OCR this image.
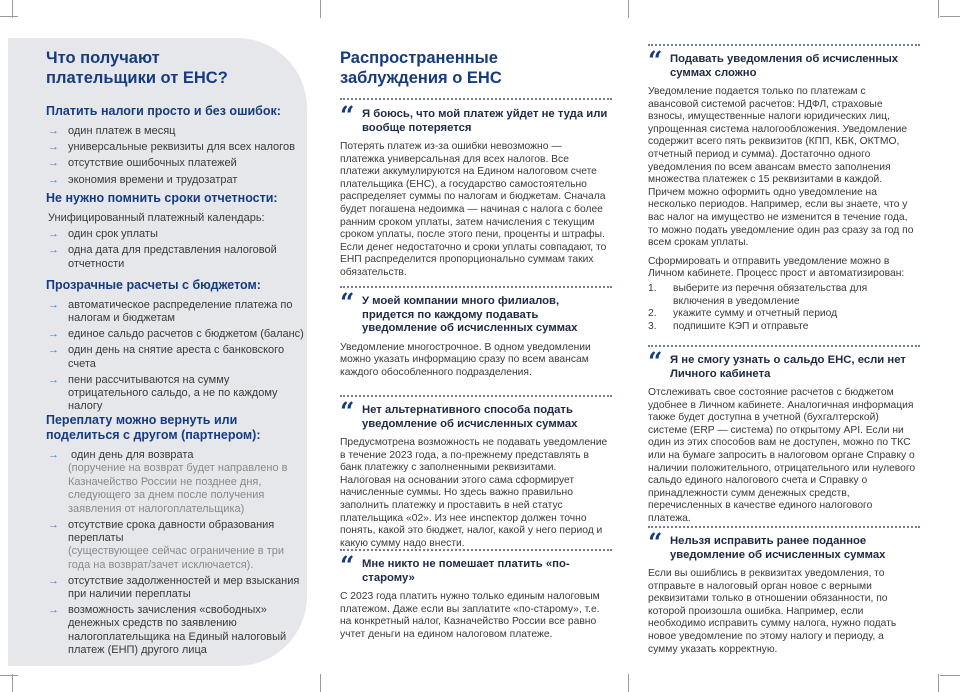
Что получают плательщики от ЕНС?
Платить налоги просто и без ошибок:
→ один платеж в месяц
→ универсальные реквизиты для всех налогов
→ отсутствие ошибочных платежей
→ экономия времени и трудозатрат
Не нужно помнить сроки отчетности:
Унифицированный платежный календарь:
→ один срок уплаты
→ одна дата для представления налоговой отчетности
Прозрачные расчеты с бюджетом:
→ автоматическое распределение платежа по налогам и бюджетам
→ единое сальдо расчетов с бюджетом (баланс)
→ один день на снятие ареста с банковского счета
→ пени рассчитываются на сумму отрицательного сальдо, а не по каждому налогу
Переплату можно вернуть или поделиться с другом (партнером):
→ один день для возврата
(поручение на возврат будет направлено в Казначейство России не позднее дня, следующего за днем после получения заявления от налогоплательщика)
→ отсутствие срока давности образования переплаты
(существующее сейчас ограничение в три года на возврат/зачет исключается).
→ отсутствие задолженностей и мер взыскания при наличии переплаты
→ возможность зачисления «свободных» денежных средств по заявлению налогоплательщика на Единый налоговый платеж (ЕНП) другого лица
Распространенные заблуждения о ЕНС
“ Я боюсь, что мой платеж уйдет не туда или вообще потеряется

Потерять платеж из-за ошибки невозможно — платежка универсальная для всех налогов. Все платежи аккумулируются на Едином налоговом счете плательщика (ЕНС), а государство самостоятельно распределяет суммы по налогам и бюджетам. Сначала будет погашена недоимка — начиная с налога с более ранним сроком уплаты, затем начисления с текущим сроком уплаты, после этого пени, проценты и штрафы. Если денег недостаточно и сроки уплаты совпадают, то ЕНП распределится пропорционально суммам таких обязательств.

“ У моей компании много филиалов, придется по каждому подавать уведомление об исчисленных суммах

Уведомление многострочное. В одном уведомлении можно указать информацию сразу по всем авансам каждого обособленного подразделения.

“ Нет альтернативного способа подать уведомление об исчисленных суммах

Предусмотрена возможность не подавать уведомление в течение 2023 года, а по-прежнему представлять в банк платежку с заполненными реквизитами. Налоговая на основании этого сама сформирует начисленные суммы. Но здесь важно правильно заполнить платежку и проставить в ней статус плательщика «02». Из нее инспектор должен точно понять, какой это бюджет, налог, какой у него период и какую сумму надо внести.

“ Мне никто не помешает платить «по-старому»

С 2023 года платить нужно только единым налоговым платежом. Даже если вы заплатите «по-старому», т.е. на конкретный налог, Казначейство России все равно учтет деньги на едином налоговом платеже.

“ Подавать уведомления об исчисленных суммах сложно

Уведомление подается только по платежам с авансовой системой расчетов: НДФЛ, страховые взносы, имущественные налоги юридических лиц, упрощенная система налогообложения. Уведомление содержит всего пять реквизитов (КПП, КБК, ОКТМО, отчетный период и сумма). Достаточно одного уведомления по всем авансам вместо заполнения множества платежек с 15 реквизитами в каждой. Причем можно оформить одно уведомление на несколько периодов. Например, если вы знаете, что у вас налог на имущество не изменится в течение года, то можно подать уведомление один раз сразу за год по всем срокам уплаты.

Сформировать и отправить уведомление можно в Личном кабинете. Процесс прост и автоматизирован:

1. выберите из перечня обязательства для включения в уведомление
2. укажите сумму и отчетный период
3. подпишите КЭП и отправьте
“ Я не смогу узнать о сальдо ЕНС, если нет Личного кабинета

Отслеживать свое состояние расчетов с бюджетом удобнее в Личном кабинете. Аналогичная информация также будет доступна в учетной (бухгалтерской) системе (ERP — система) по открытому API. Если ни один из этих способов вам не доступен, можно по ТКС или на бумаге запросить в налоговом органе Справку о наличии положительного, отрицательного или нулевого сальдо единого налогового счета и Справку о принадлежности сумм денежных средств, перечисленных в качестве единого налогового платежа.

“ Нельзя исправить ранее поданное уведомление об исчисленных суммах

Если вы ошиблись в реквизитах уведомления, то отправьте в налоговый орган новое с верными реквизитами только в отношении обязанности, по которой произошла ошибка. Например, если необходимо исправить сумму налога, нужно подать новое уведомление по этому налогу и периоду, а сумму указать корректную.
